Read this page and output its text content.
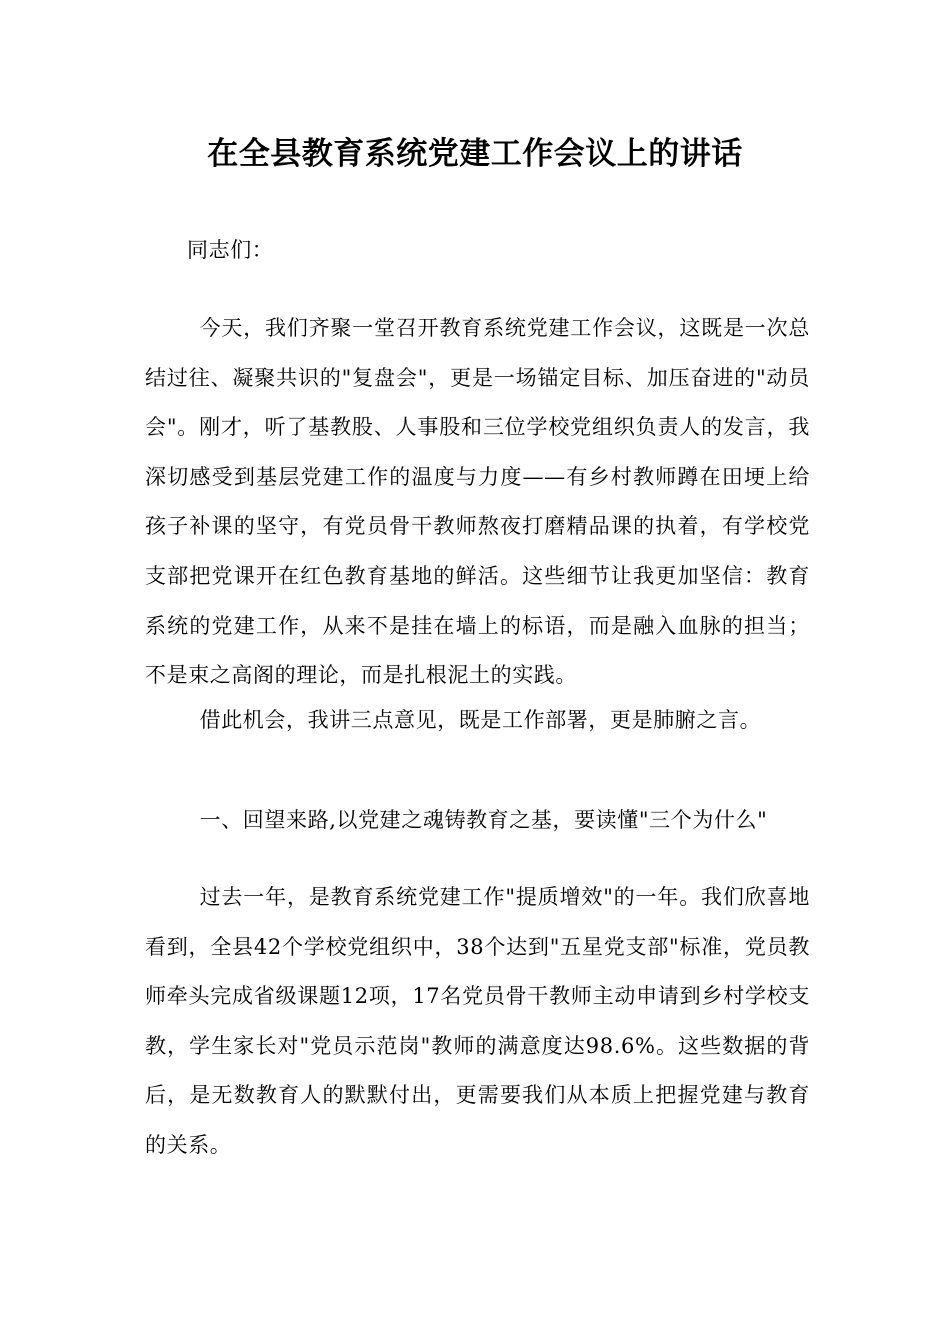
在全县教育系统党建工作会议上的讲话

同志们：

今天，我们齐聚一堂召开教育系统党建工作会议，这既是一次总结过往、凝聚共识的"复盘会"，更是一场锚定目标、加压奋进的"动员会"。刚才，听了基教股、人事股和三位学校党组织负责人的发言，我深切感受到基层党建工作的温度与力度——有乡村教师蹲在田埂上给孩子补课的坚守，有党员骨干教师熬夜打磨精品课的执着，有学校党支部把党课开在红色教育基地的鲜活。这些细节让我更加坚信：教育系统的党建工作，从来不是挂在墙上的标语，而是融入血脉的担当；不是束之高阁的理论，而是扎根泥土的实践。

借此机会，我讲三点意见，既是工作部署，更是肺腑之言。

一、回望来路,以党建之魂铸教育之基，要读懂"三个为什么"

过去一年，是教育系统党建工作"提质增效"的一年。我们欣喜地看到，全县42个学校党组织中，38个达到"五星党支部"标准，党员教师牵头完成省级课题12项，17名党员骨干教师主动申请到乡村学校支教，学生家长对"党员示范岗"教师的满意度达98.6%。这些数据的背后，是无数教育人的默默付出，更需要我们从本质上把握党建与教育的关系。
